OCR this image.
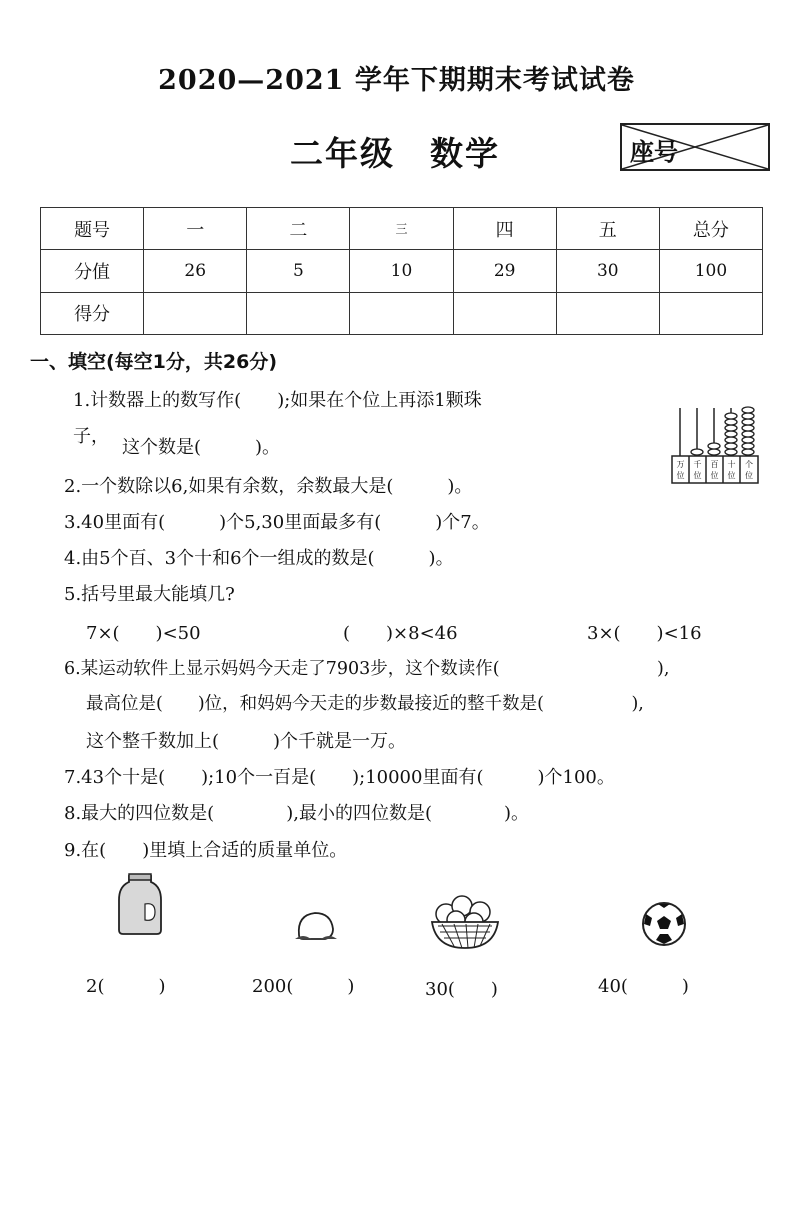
2020—2021 学年下期期末考试试卷
二年级　数学	座号
题号	一	二	三	四	五	总分
分值	26	5	10	29	30	100
得分						
一、填空(每空1分，共26分)
1.计数器上的数写作(　　);如果在个位上再添1颗珠
子，
这个数是(　　　)。
万
位
千
位
百
位
十
位
个
位
2.一个数除以6,如果有余数，余数最大是(　　　)。
3.40里面有(　　　)个5,30里面最多有(　　　)个7。
4.由5个百、3个十和6个一组成的数是(　　　)。
5.括号里最大能填几?
7×(　　)<50	(　　)×8<46	3×(　　)<16
6.某运动软件上显示妈妈今天走了7903步，这个数读作(　　　　　　　　　),
最高位是(　　)位，和妈妈今天走的步数最接近的整千数是(　　　　　),
这个整千数加上(　　　)个千就是一万。
7.43个十是(　　);10个一百是(　　);10000里面有(　　　)个100。
8.最大的四位数是(　　　　),最小的四位数是(　　　　)。
9.在(　　)里填上合适的质量单位。
2(　　　)	200(　　　)	30(　　)	40(　　　)
